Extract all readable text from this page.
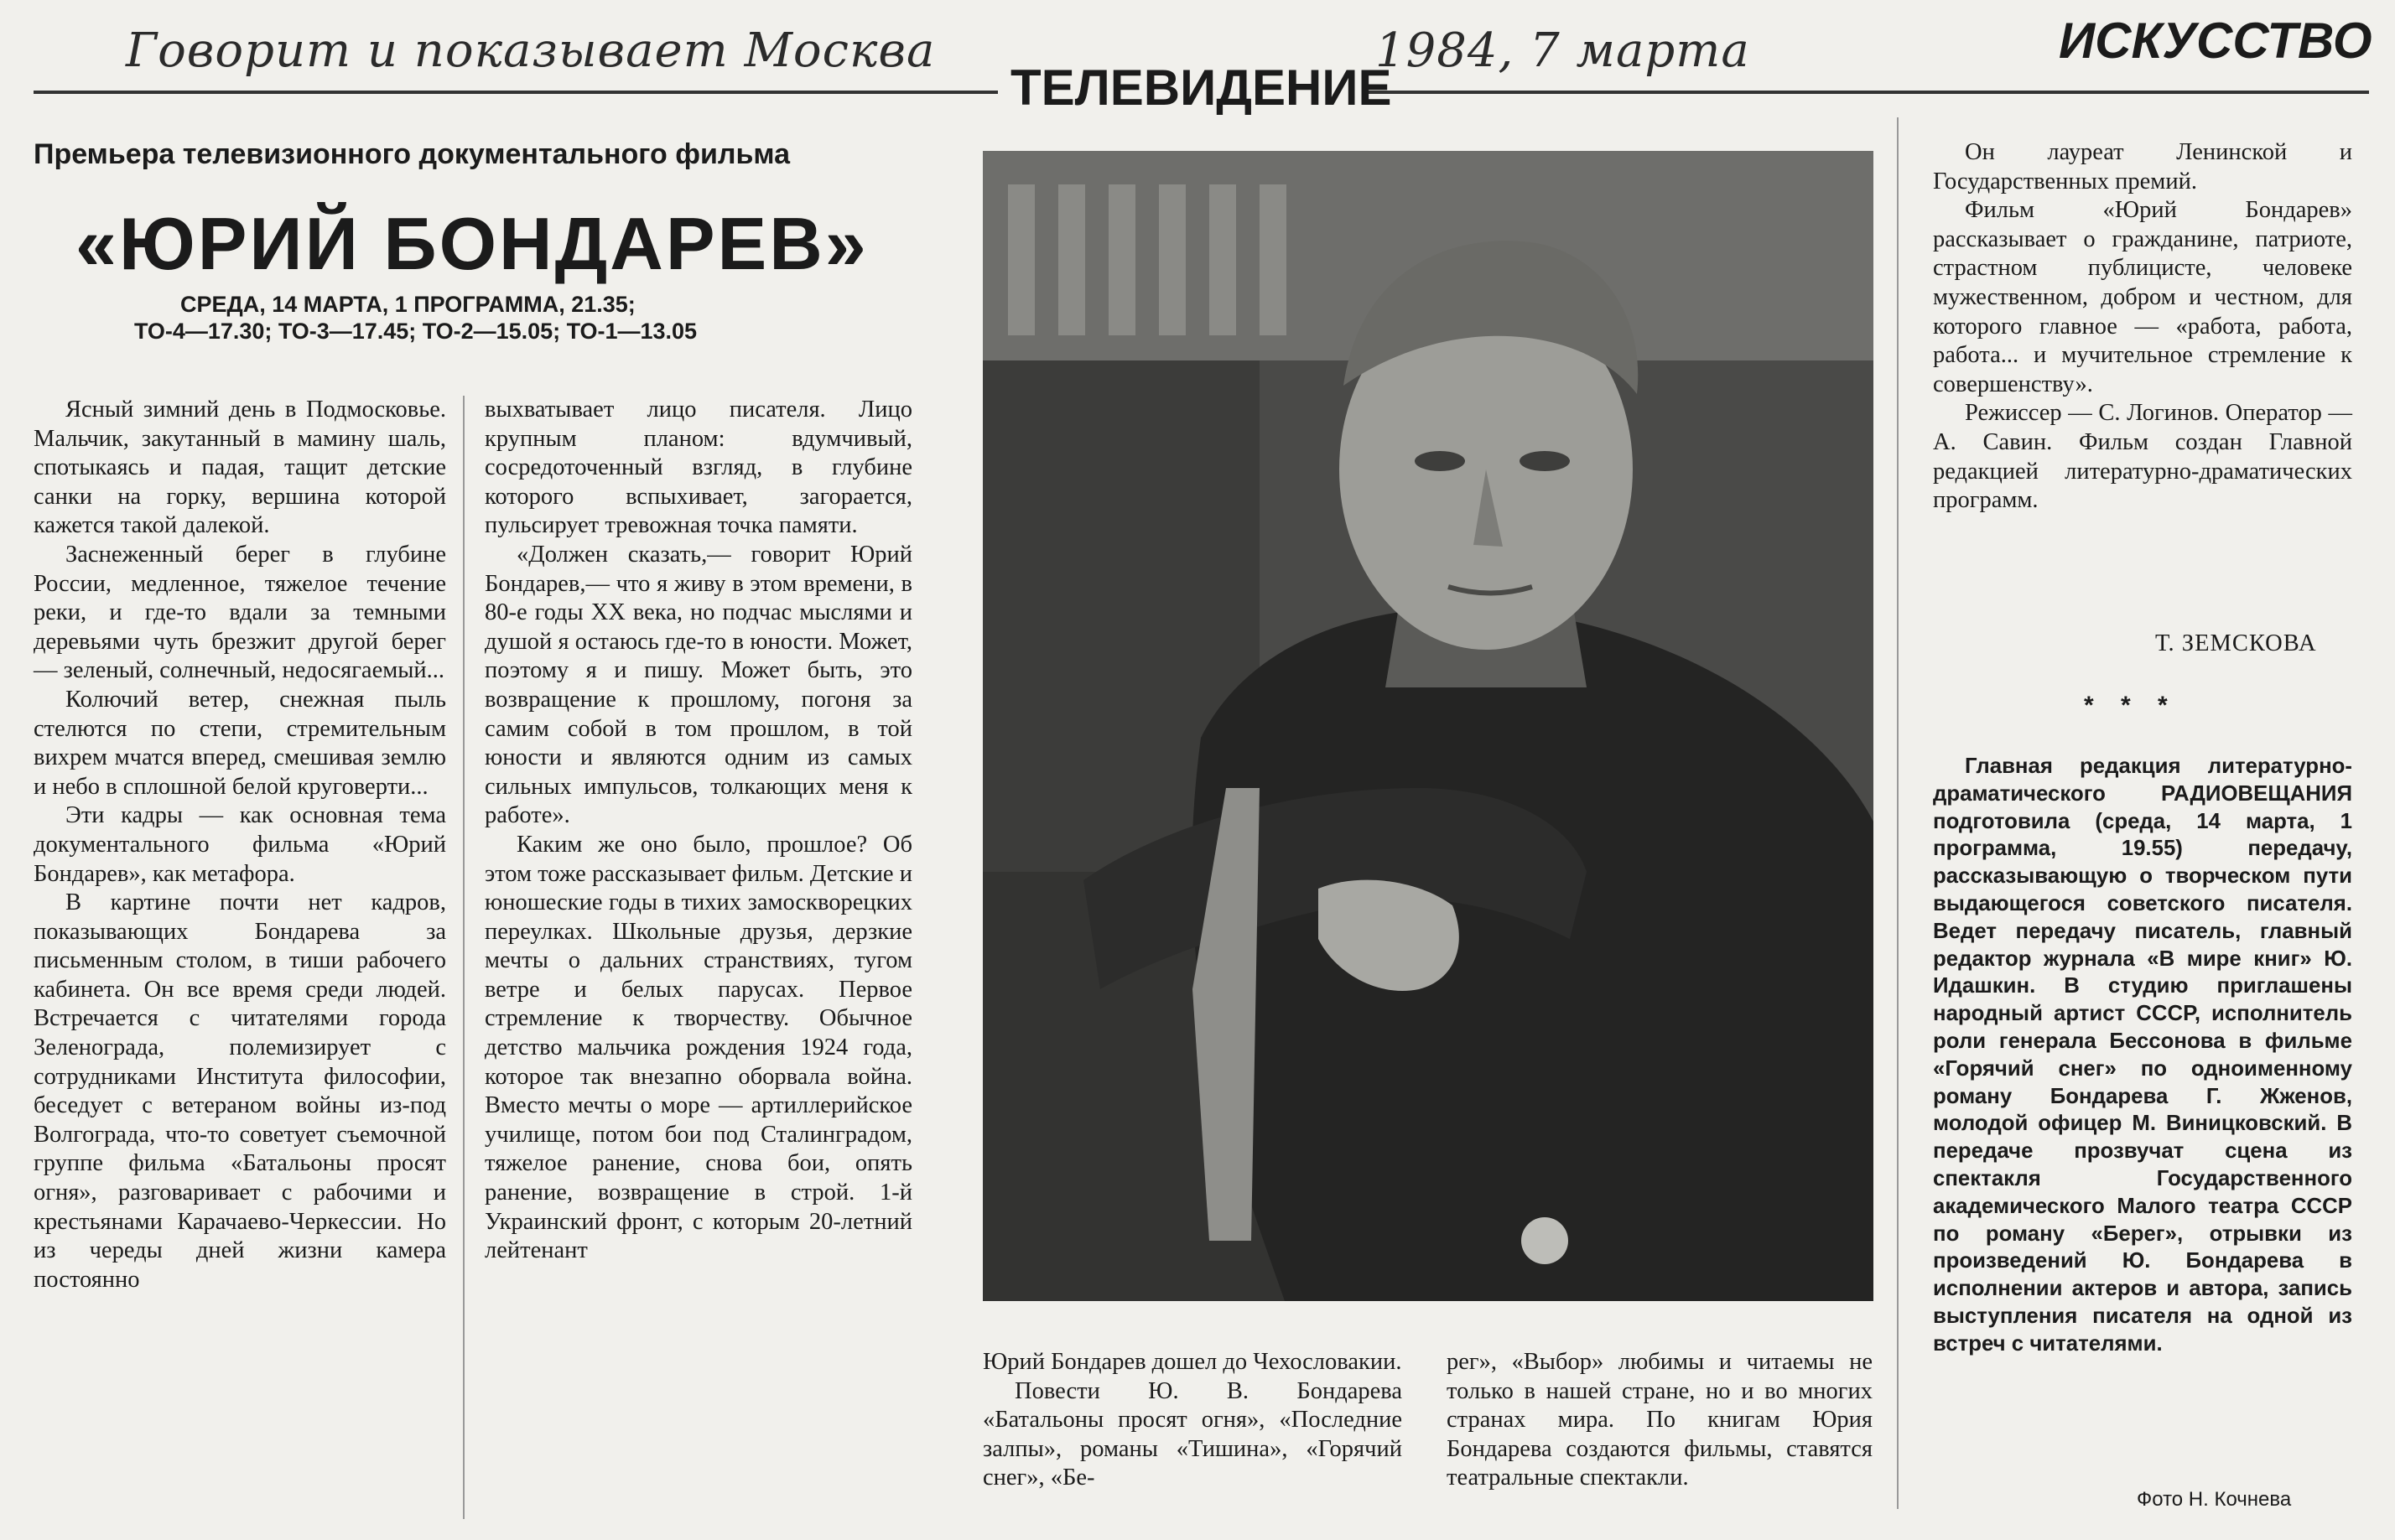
Говорит и показывает Москва	1984, 7 марта
ТЕЛЕВИДЕНИЕ
ИСКУССТВО
Премьера телевизионного документального фильма
«ЮРИЙ БОНДАРЕВ»
СРЕДА, 14 МАРТА, 1 ПРОГРАММА, 21.35;
ТО-4—17.30; ТО-3—17.45; ТО-2—15.05; ТО-1—13.05

Ясный зимний день в Подмосковье. Мальчик, закутанный в мамину шаль, спотыкаясь и падая, тащит детские санки на горку, вершина которой кажется такой далекой.

Заснеженный берег в глубине России, медленное, тяжелое течение реки, и где-то вдали за темными деревьями чуть брезжит другой берег — зеленый, солнечный, недосягаемый...

Колючий ветер, снежная пыль стелются по степи, стремительным вихрем мчатся вперед, смешивая землю и небо в сплошной белой круговерти...

Эти кадры — как основная тема документального фильма «Юрий Бондарев», как метафора.

В картине почти нет кадров, показывающих Бондарева за письменным столом, в тиши рабочего кабинета. Он все время среди людей. Встречается с читателями города Зеленограда, полемизирует с сотрудниками Института философии, беседует с ветераном войны из-под Волгограда, что-то советует съемочной группе фильма «Батальоны просят огня», разговаривает с рабочими и крестьянами Карачаево-Черкессии. Но из череды дней жизни камера постоянно

выхватывает лицо писателя. Лицо крупным планом: вдумчивый, сосредоточенный взгляд, в глубине которого вспыхивает, загорается, пульсирует тревожная точка памяти.

«Должен сказать,— говорит Юрий Бондарев,— что я живу в этом времени, в 80-е годы XX века, но подчас мыслями и душой я остаюсь где-то в юности. Может, поэтому я и пишу. Может быть, это возвращение к прошлому, погоня за самим собой в том прошлом, в той юности и являются одним из самых сильных импульсов, толкающих меня к работе».

Каким же оно было, прошлое? Об этом тоже рассказывает фильм. Детские и юношеские годы в тихих замоскворецких переулках. Школьные друзья, дерзкие мечты о дальних странствиях, тугом ветре и белых парусах. Первое стремление к творчеству. Обычное детство мальчика рождения 1924 года, которое так внезапно оборвала война. Вместо мечты о море — артиллерийское училище, потом бои под Сталинградом, тяжелое ранение, снова бои, опять ранение, возвращение в строй. 1-й Украинский фронт, с которым 20-летний лейтенант

Юрий Бондарев дошел до Чехословакии.

Повести Ю. В. Бондарева «Батальоны просят огня», «Последние залпы», романы «Тишина», «Горячий снег», «Бе-

рег», «Выбор» любимы и читаемы не только в нашей стране, но и во многих странах мира. По книгам Юрия Бондарева создаются фильмы, ставятся театральные спектакли.

Он лауреат Ленинской и Государственных премий.

Фильм «Юрий Бондарев» рассказывает о гражданине, патриоте, страстном публицисте, человеке мужественном, добром и честном, для которого главное — «работа, работа, работа... и мучительное стремление к совершенству».

Режиссер — С. Логинов. Оператор — А. Савин. Фильм создан Главной редакцией литературно-драматических программ.

Т. ЗЕМСКОВА
* * *

Главная редакция литературно-драматического РАДИОВЕЩАНИЯ подготовила (среда, 14 марта, 1 программа, 19.55) передачу, рассказывающую о творческом пути выдающегося советского писателя. Ведет передачу писатель, главный редактор журнала «В мире книг» Ю. Идашкин. В студию приглашены народный артист СССР, исполнитель роли генерала Бессонова в фильме «Горячий снег» по одноименному роману Бондарева Г. Жженов, молодой офицер М. Виницковский. В передаче прозвучат сцена из спектакля Государственного академического Малого театра СССР по роману «Берег», отрывки из произведений Ю. Бондарева в исполнении актеров и автора, запись выступления писателя на одной из встреч с читателями.

Фото Н. Кочнева
